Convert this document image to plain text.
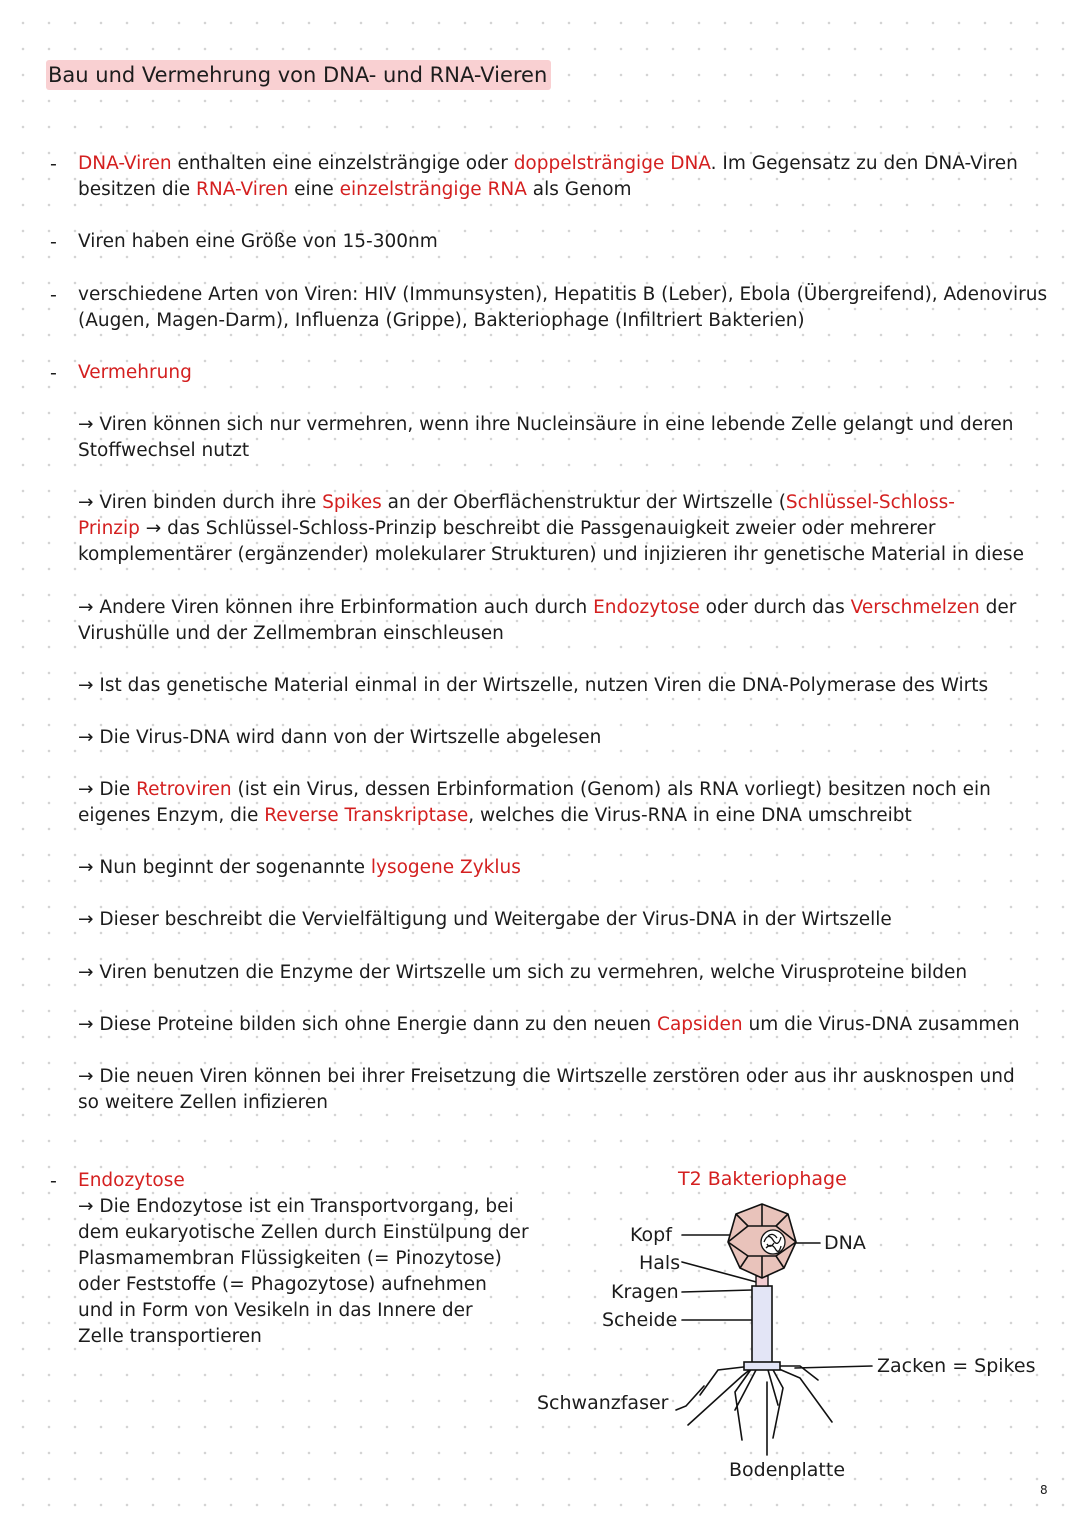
Bau und Vermehrung von DNA- und RNA-Vieren
- DNA-Viren enthalten eine einzelsträngige oder doppelsträngige DNA. Im Gegensatz zu den DNA-Viren
besitzen die RNA-Viren eine einzelsträngige RNA als Genom
- Viren haben eine Größe von 15-300nm
- verschiedene Arten von Viren: HIV (Immunsysten), Hepatitis B (Leber), Ebola (Übergreifend), Adenovirus
(Augen, Magen-Darm), Influenza (Grippe), Bakteriophage (Infiltriert Bakterien)
- Vermehrung
→ Viren können sich nur vermehren, wenn ihre Nucleinsäure in eine lebende Zelle gelangt und deren
Stoffwechsel nutzt
→ Viren binden durch ihre Spikes an der Oberflächenstruktur der Wirtszelle (Schlüssel-Schloss-
Prinzip → das Schlüssel-Schloss-Prinzip beschreibt die Passgenauigkeit zweier oder mehrerer
komplementärer (ergänzender) molekularer Strukturen) und injizieren ihr genetische Material in diese
→ Andere Viren können ihre Erbinformation auch durch Endozytose oder durch das Verschmelzen der
Virushülle und der Zellmembran einschleusen
→ Ist das genetische Material einmal in der Wirtszelle, nutzen Viren die DNA-Polymerase des Wirts
→ Die Virus-DNA wird dann von der Wirtszelle abgelesen
→ Die Retroviren (ist ein Virus, dessen Erbinformation (Genom) als RNA vorliegt) besitzen noch ein
eigenes Enzym, die Reverse Transkriptase, welches die Virus-RNA in eine DNA umschreibt
→ Nun beginnt der sogenannte lysogene Zyklus
→ Dieser beschreibt die Vervielfältigung und Weitergabe der Virus-DNA in der Wirtszelle
→ Viren benutzen die Enzyme der Wirtszelle um sich zu vermehren, welche Virusproteine bilden
→ Diese Proteine bilden sich ohne Energie dann zu den neuen Capsiden um die Virus-DNA zusammen
→ Die neuen Viren können bei ihrer Freisetzung die Wirtszelle zerstören oder aus ihr ausknospen und
so weitere Zellen infizieren
- Endozytose
→ Die Endozytose ist ein Transportvorgang, bei
dem eukaryotische Zellen durch Einstülpung der
Plasmamembran Flüssigkeiten (= Pinozytose)
oder Feststoffe (= Phagozytose) aufnehmen
und in Form von Vesikeln in das Innere der
Zelle transportieren
T2 Bakteriophage
Kopf
Hals
Kragen
Scheide
DNA
Zacken = Spikes
Schwanzfaser
Bodenplatte
8
